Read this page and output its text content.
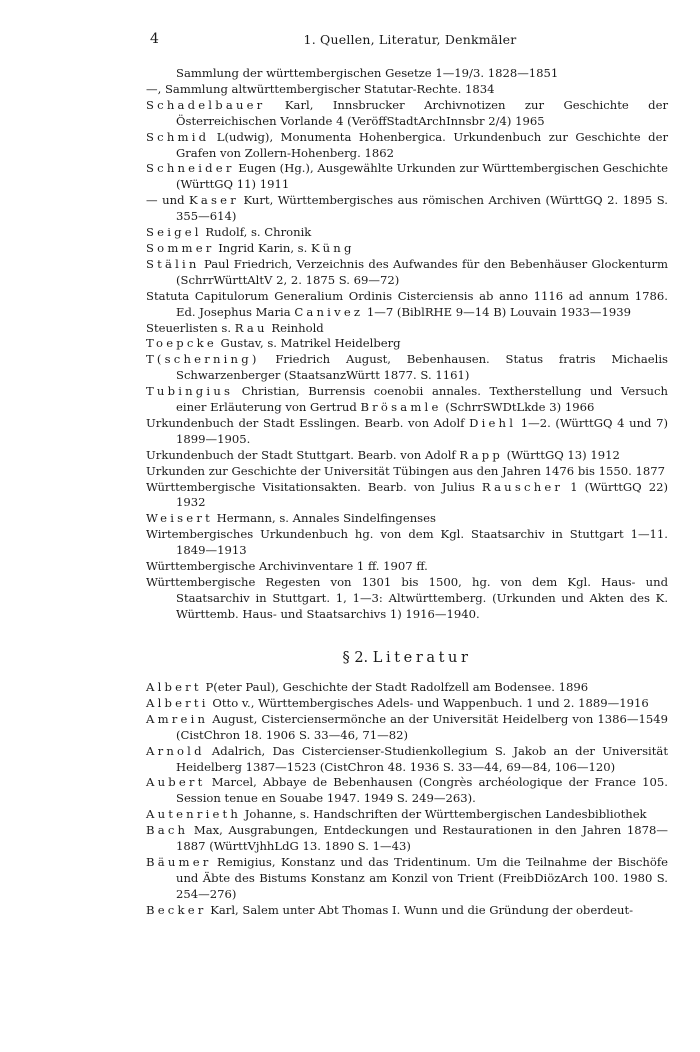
4	1. Quellen, Literatur, Denkmäler

Sammlung der württembergischen Gesetze 1—19/3. 1828—1851

—, Sammlung altwürttembergischer Statutar-Rechte. 1834

Schadelbauer Karl, Innsbrucker Archivnotizen zur Geschichte der Österreichischen Vorlande 4 (VeröffStadtArchInnsbr 2/4) 1965

Schmid L(udwig), Monumenta Hohenbergica. Urkundenbuch zur Geschichte der Grafen von Zollern-Hohenberg. 1862

Schneider Eugen (Hg.), Ausgewählte Urkunden zur Württembergischen Geschichte (WürttGQ 11) 1911

— und Kaser Kurt, Württembergisches aus römischen Archiven (WürttGQ 2. 1895 S. 355—614)

Seigel Rudolf, s. Chronik

Sommer Ingrid Karin, s. Küng

Stälin Paul Friedrich, Verzeichnis des Aufwandes für den Bebenhäuser Glockenturm (SchrrWürttAltV 2, 2. 1875 S. 69—72)

Statuta Capitulorum Generalium Ordinis Cisterciensis ab anno 1116 ad annum 1786. Ed. Josephus Maria Canivez 1—7 (BiblRHE 9—14 B) Louvain 1933—1939

Steuerlisten s. Rau Reinhold

Toepcke Gustav, s. Matrikel Heidelberg

T(scherning) Friedrich August, Bebenhausen. Status fratris Michaelis Schwarzenberger (StaatsanzWürtt 1877. S. 1161)

Tubingius Christian, Burrensis coenobii annales. Textherstellung und Versuch einer Erläuterung von Gertrud Brösamle (SchrrSWDtLkde 3) 1966

Urkundenbuch der Stadt Esslingen. Bearb. von Adolf Diehl 1—2. (WürttGQ 4 und 7) 1899—1905.

Urkundenbuch der Stadt Stuttgart. Bearb. von Adolf Rapp (WürttGQ 13) 1912

Urkunden zur Geschichte der Universität Tübingen aus den Jahren 1476 bis 1550. 1877

Württembergische Visitationsakten. Bearb. von Julius Rauscher 1 (WürttGQ 22) 1932

Weisert Hermann, s. Annales Sindelfingenses

Wirtembergisches Urkundenbuch hg. von dem Kgl. Staatsarchiv in Stuttgart 1—11. 1849—1913

Württembergische Archivinventare 1 ff. 1907 ff.

Württembergische Regesten von 1301 bis 1500, hg. von dem Kgl. Haus- und Staatsarchiv in Stuttgart. 1, 1—3: Altwürttemberg. (Urkunden und Akten des K. Württemb. Haus- und Staatsarchivs 1) 1916—1940.

§ 2. Literatur

Albert P(eter Paul), Geschichte der Stadt Radolfzell am Bodensee. 1896

Alberti Otto v., Württembergisches Adels- und Wappenbuch. 1 und 2. 1889—1916

Amrein August, Cisterciensermönche an der Universität Heidelberg von 1386—1549 (CistChron 18. 1906 S. 33—46, 71—82)

Arnold Adalrich, Das Cistercienser-Studienkollegium S. Jakob an der Universität Heidelberg 1387—1523 (CistChron 48. 1936 S. 33—44, 69—84, 106—120)

Aubert Marcel, Abbaye de Bebenhausen (Congrès archéologique der France 105. Session tenue en Souabe 1947. 1949 S. 249—263).

Autenrieth Johanne, s. Handschriften der Württembergischen Landesbibliothek

Bach Max, Ausgrabungen, Entdeckungen und Restaurationen in den Jahren 1878—1887 (WürttVjhhLdG 13. 1890 S. 1—43)

Bäumer Remigius, Konstanz und das Tridentinum. Um die Teilnahme der Bischöfe und Äbte des Bistums Konstanz am Konzil von Trient (FreibDiözArch 100. 1980 S. 254—276)

Becker Karl, Salem unter Abt Thomas I. Wunn und die Gründung der oberdeut-
